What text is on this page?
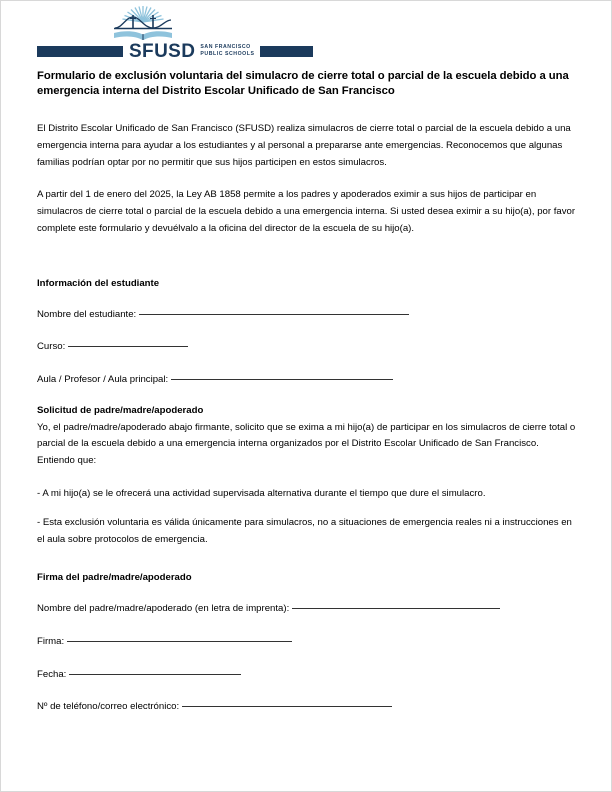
SFUSD SAN FRANCISCO
PUBLIC SCHOOLS
Formulario de exclusión voluntaria del simulacro de cierre total o parcial de la escuela debido a una emergencia interna del Distrito Escolar Unificado de San Francisco

El Distrito Escolar Unificado de San Francisco (SFUSD) realiza simulacros de cierre total o parcial de la escuela debido a una emergencia interna para ayudar a los estudiantes y al personal a prepararse ante emergencias. Reconocemos que algunas familias podrían optar por no permitir que sus hijos participen en estos simulacros.

A partir del 1 de enero del 2025, la Ley AB 1858 permite a los padres y apoderados eximir a sus hijos de participar en simulacros de cierre total o parcial de la escuela debido a una emergencia interna. Si usted desea eximir a su hijo(a), por favor complete este formulario y devuélvalo a la oficina del director de la escuela de su hijo(a).

Información del estudiante
Nombre del estudiante:
Curso:
Aula / Profesor / Aula principal:
Solicitud de padre/madre/apoderado

Yo, el padre/madre/apoderado abajo firmante, solicito que se exima a mi hijo(a) de participar en los simulacros de cierre total o parcial de la escuela debido a una emergencia interna organizados por el Distrito Escolar Unificado de San Francisco. Entiendo que:

- A mi hijo(a) se le ofrecerá una actividad supervisada alternativa durante el tiempo que dure el simulacro.

- Esta exclusión voluntaria es válida únicamente para simulacros, no a situaciones de emergencia reales ni a instrucciones en el aula sobre protocolos de emergencia.

Firma del padre/madre/apoderado
Nombre del padre/madre/apoderado (en letra de imprenta):
Firma:
Fecha:
Nº de teléfono/correo electrónico:
